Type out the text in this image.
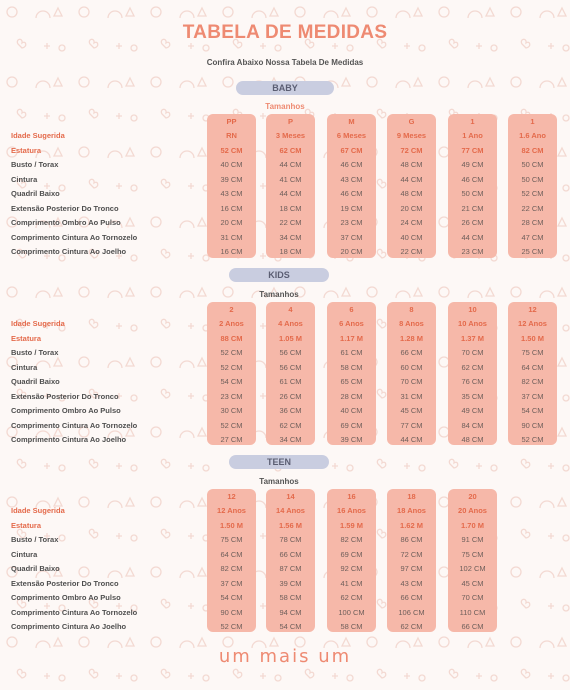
TABELA DE MEDIDAS
Confira Abaixo Nossa Tabela De Medidas
um mais um
BABY
Tamanhos
PP
RN
52 CM
40 CM
39 CM
43 CM
16 CM
20 CM
31 CM
16 CM
P
3 Meses
62 CM
44 CM
41 CM
44 CM
18 CM
22 CM
34 CM
18 CM
M
6 Meses
67 CM
46 CM
43 CM
46 CM
19 CM
23 CM
37 CM
20 CM
G
9 Meses
72 CM
48 CM
44 CM
48 CM
20 CM
24 CM
40 CM
22 CM
1
1 Ano
77 CM
49 CM
46 CM
50 CM
21 CM
26 CM
44 CM
23 CM
1
1.6 Ano
82 CM
50 CM
50 CM
52 CM
22 CM
28 CM
47 CM
25 CM
Idade Sugerida
Estatura
Busto / Torax
Cintura
Quadril Baixo
Extensão Posterior Do Tronco
Comprimento Ombro Ao Pulso
Comprimento Cintura Ao Tornozelo
Comprimento Cintura Ao Joelho
KIDS
Tamanhos
2
2 Anos
88 CM
52 CM
52 CM
54 CM
23 CM
30 CM
52 CM
27 CM
4
4 Anos
1.05 M
56 CM
56 CM
61 CM
26 CM
36 CM
62 CM
34 CM
6
6 Anos
1.17 M
61 CM
58 CM
65 CM
28 CM
40 CM
69 CM
39 CM
8
8 Anos
1.28 M
66 CM
60 CM
70 CM
31 CM
45 CM
77 CM
44 CM
10
10 Anos
1.37 M
70 CM
62 CM
76 CM
35 CM
49 CM
84 CM
48 CM
12
12 Anos
1.50 M
75 CM
64 CM
82 CM
37 CM
54 CM
90 CM
52 CM
Idade Sugerida
Estatura
Busto / Torax
Cintura
Quadril Baixo
Extensão Posterior Do Tronco
Comprimento Ombro Ao Pulso
Comprimento Cintura Ao Tornozelo
Comprimento Cintura Ao Joelho
TEEN
Tamanhos
12
12 Anos
1.50 M
75 CM
64 CM
82 CM
37 CM
54 CM
90 CM
52 CM
14
14 Anos
1.56 M
78 CM
66 CM
87 CM
39 CM
58 CM
94 CM
54 CM
16
16 Anos
1.59 M
82 CM
69 CM
92 CM
41 CM
62 CM
100 CM
58 CM
18
18 Anos
1.62 M
86 CM
72 CM
97 CM
43 CM
66 CM
106 CM
62 CM
20
20 Anos
1.70 M
91 CM
75 CM
102 CM
45 CM
70 CM
110 CM
66 CM
Idade Sugerida
Estatura
Busto / Torax
Cintura
Quadril Baixo
Extensão Posterior Do Tronco
Comprimento Ombro Ao Pulso
Comprimento Cintura Ao Tornozelo
Comprimento Cintura Ao Joelho
